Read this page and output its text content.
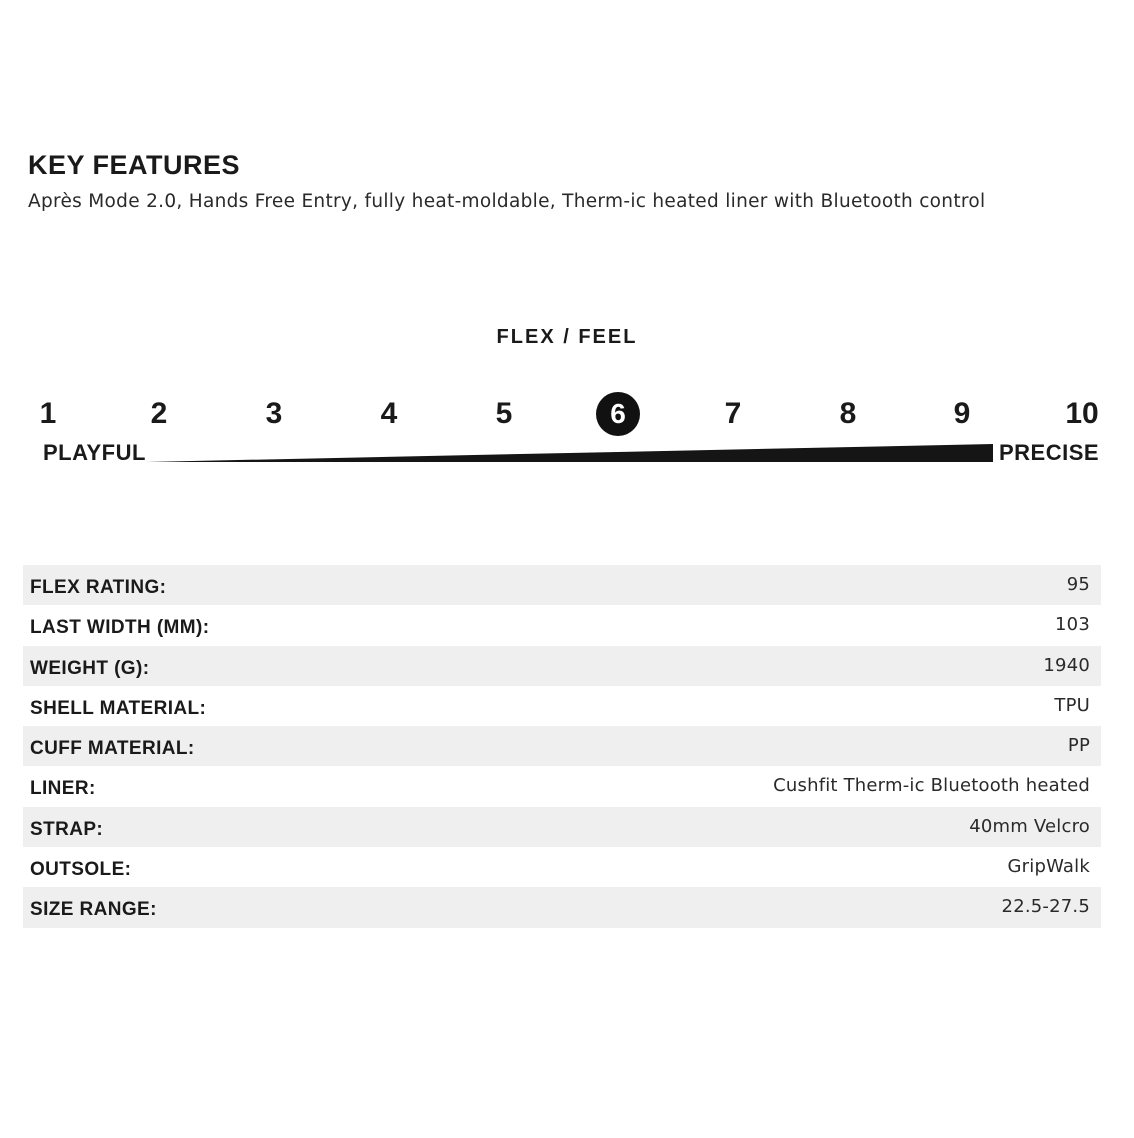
KEY FEATURES

Après Mode 2.0, Hands Free Entry, fully heat-moldable, Therm-ic heated liner with Bluetooth control

FLEX / FEEL
1	2	3	4	5	6	7	8	9	10
PLAYFUL	PRECISE
FLEX RATING:	95
LAST WIDTH (MM):	103
WEIGHT (G):	1940
SHELL MATERIAL:	TPU
CUFF MATERIAL:	PP
LINER:	Cushfit Therm-ic Bluetooth heated
STRAP:	40mm Velcro
OUTSOLE:	GripWalk
SIZE RANGE:	22.5-27.5
